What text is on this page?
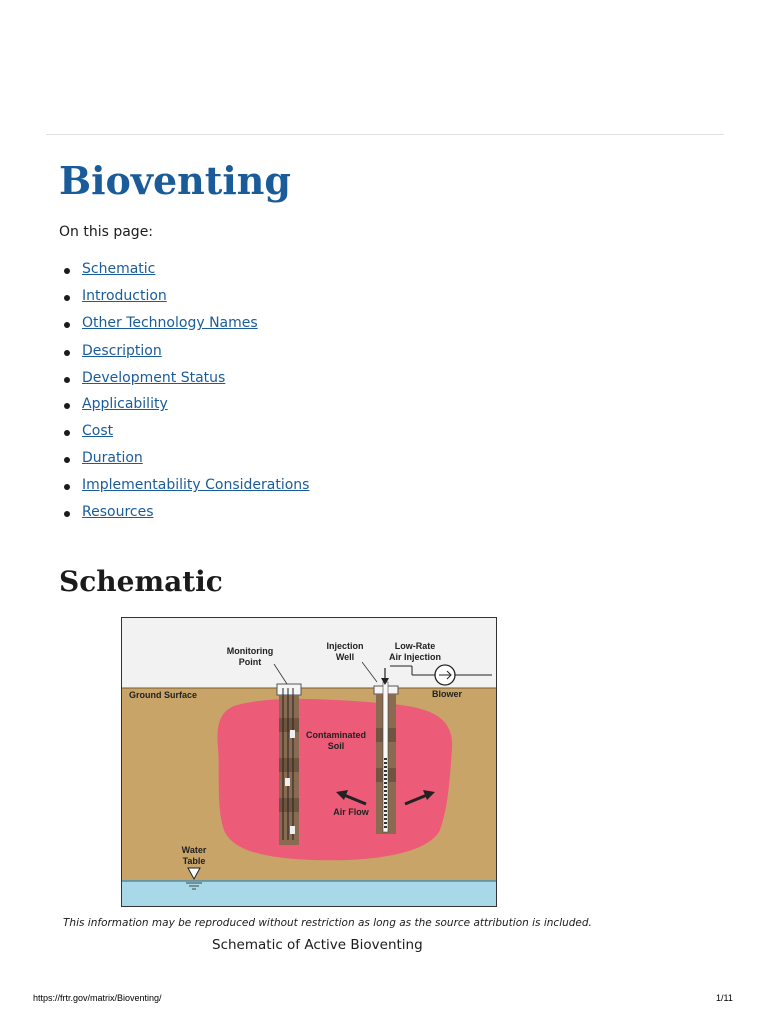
Bioventing

On this page:

Schematic
Introduction
Other Technology Names
Description
Development Status
Applicability
Cost
Duration
Implementability Considerations
Resources
Schematic
Monitoring
Point
Injection
Well
Low-Rate
Air Injection
Blower
Ground Surface
Contaminated
Soil
Air Flow
Water
Table

This information may be reproduced without restriction as long as the source attribution is included.

Schematic of Active Bioventing

https://frtr.gov/matrix/Bioventing/	1/11
